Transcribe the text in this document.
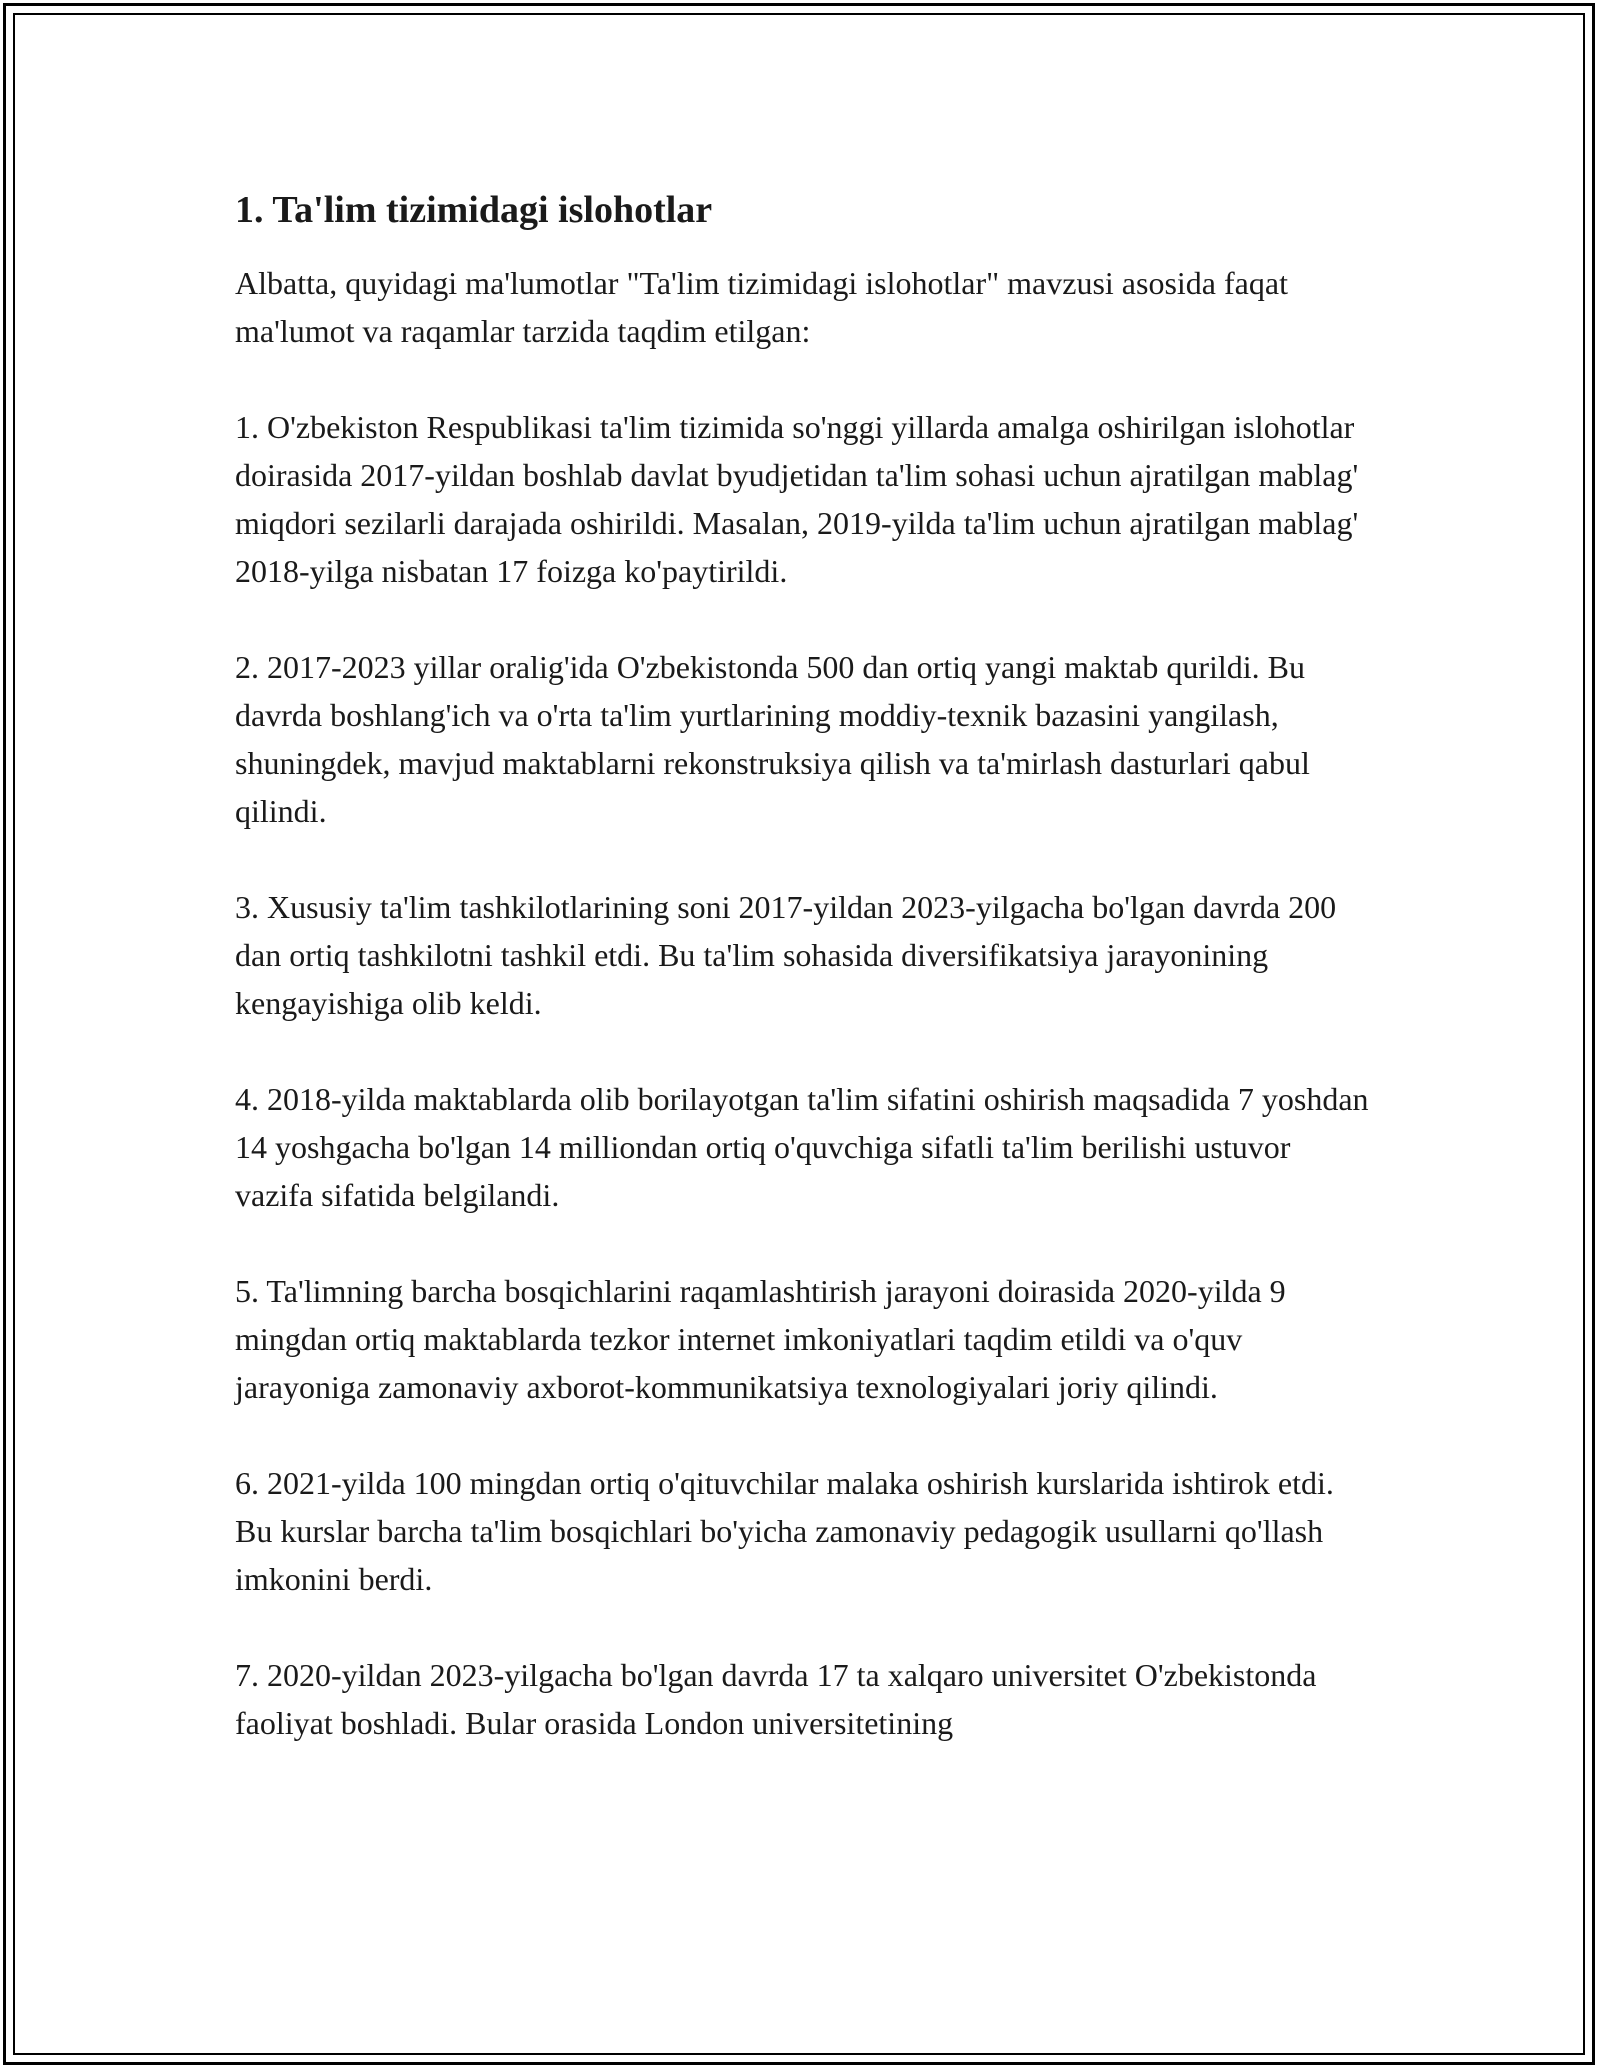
1. Ta'lim tizimidagi islohotlar

Albatta, quyidagi ma'lumotlar "Ta'lim tizimidagi islohotlar" mavzusi asosida faqat ma'lumot va raqamlar tarzida taqdim etilgan:

1. O'zbekiston Respublikasi ta'lim tizimida so'nggi yillarda amalga oshirilgan islohotlar doirasida 2017-yildan boshlab davlat byudjetidan ta'lim sohasi uchun ajratilgan mablag' miqdori sezilarli darajada oshirildi. Masalan, 2019-yilda ta'lim uchun ajratilgan mablag' 2018-yilga nisbatan 17 foizga ko'paytirildi.

2. 2017-2023 yillar oralig'ida O'zbekistonda 500 dan ortiq yangi maktab qurildi. Bu davrda boshlang'ich va o'rta ta'lim yurtlarining moddiy-texnik bazasini yangilash, shuningdek, mavjud maktablarni rekonstruksiya qilish va ta'mirlash dasturlari qabul qilindi.

3. Xususiy ta'lim tashkilotlarining soni 2017-yildan 2023-yilgacha bo'lgan davrda 200 dan ortiq tashkilotni tashkil etdi. Bu ta'lim sohasida diversifikatsiya jarayonining kengayishiga olib keldi.

4. 2018-yilda maktablarda olib borilayotgan ta'lim sifatini oshirish maqsadida 7 yoshdan 14 yoshgacha bo'lgan 14 milliondan ortiq o'quvchiga sifatli ta'lim berilishi ustuvor vazifa sifatida belgilandi.

5. Ta'limning barcha bosqichlarini raqamlashtirish jarayoni doirasida 2020-yilda 9 mingdan ortiq maktablarda tezkor internet imkoniyatlari taqdim etildi va o'quv jarayoniga zamonaviy axborot-kommunikatsiya texnologiyalari joriy qilindi.

6. 2021-yilda 100 mingdan ortiq o'qituvchilar malaka oshirish kurslarida ishtirok etdi. Bu kurslar barcha ta'lim bosqichlari bo'yicha zamonaviy pedagogik usullarni qo'llash imkonini berdi.

7. 2020-yildan 2023-yilgacha bo'lgan davrda 17 ta xalqaro universitet O'zbekistonda faoliyat boshladi. Bular orasida London universitetining
